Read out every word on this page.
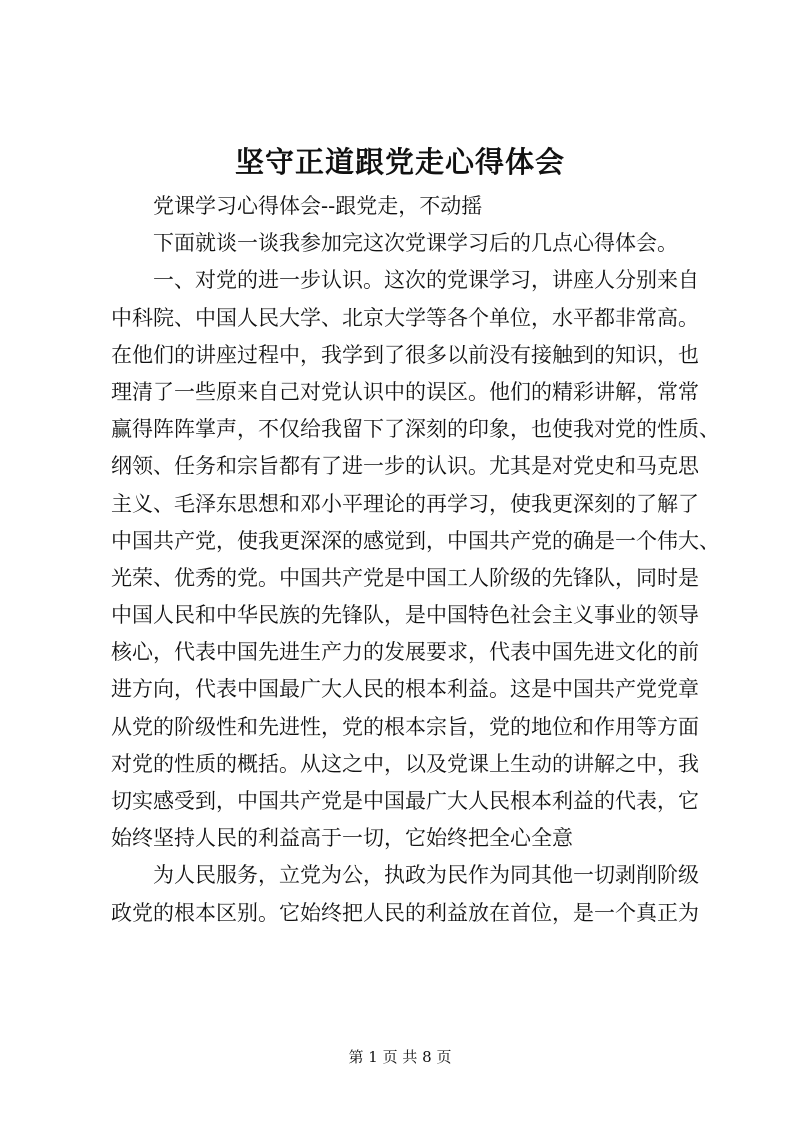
坚守正道跟党走心得体会
党课学习心得体会--跟党走，不动摇
下面就谈一谈我参加完这次党课学习后的几点心得体会。
一、对党的进一步认识。这次的党课学习，讲座人分别来自
中科院、中国人民大学、北京大学等各个单位，水平都非常高。
在他们的讲座过程中，我学到了很多以前没有接触到的知识，也
理清了一些原来自己对党认识中的误区。他们的精彩讲解，常常
赢得阵阵掌声，不仅给我留下了深刻的印象，也使我对党的性质、
纲领、任务和宗旨都有了进一步的认识。尤其是对党史和马克思
主义、毛泽东思想和邓小平理论的再学习，使我更深刻的了解了
中国共产党，使我更深深的感觉到，中国共产党的确是一个伟大、
光荣、优秀的党。中国共产党是中国工人阶级的先锋队，同时是
中国人民和中华民族的先锋队，是中国特色社会主义事业的领导
核心，代表中国先进生产力的发展要求，代表中国先进文化的前
进方向，代表中国最广大人民的根本利益。这是中国共产党党章
从党的阶级性和先进性，党的根本宗旨，党的地位和作用等方面
对党的性质的概括。从这之中，以及党课上生动的讲解之中，我
切实感受到，中国共产党是中国最广大人民根本利益的代表，它
始终坚持人民的利益高于一切，它始终把全心全意
为人民服务，立党为公，执政为民作为同其他一切剥削阶级
政党的根本区别。它始终把人民的利益放在首位，是一个真正为
第 1 页 共 8 页
